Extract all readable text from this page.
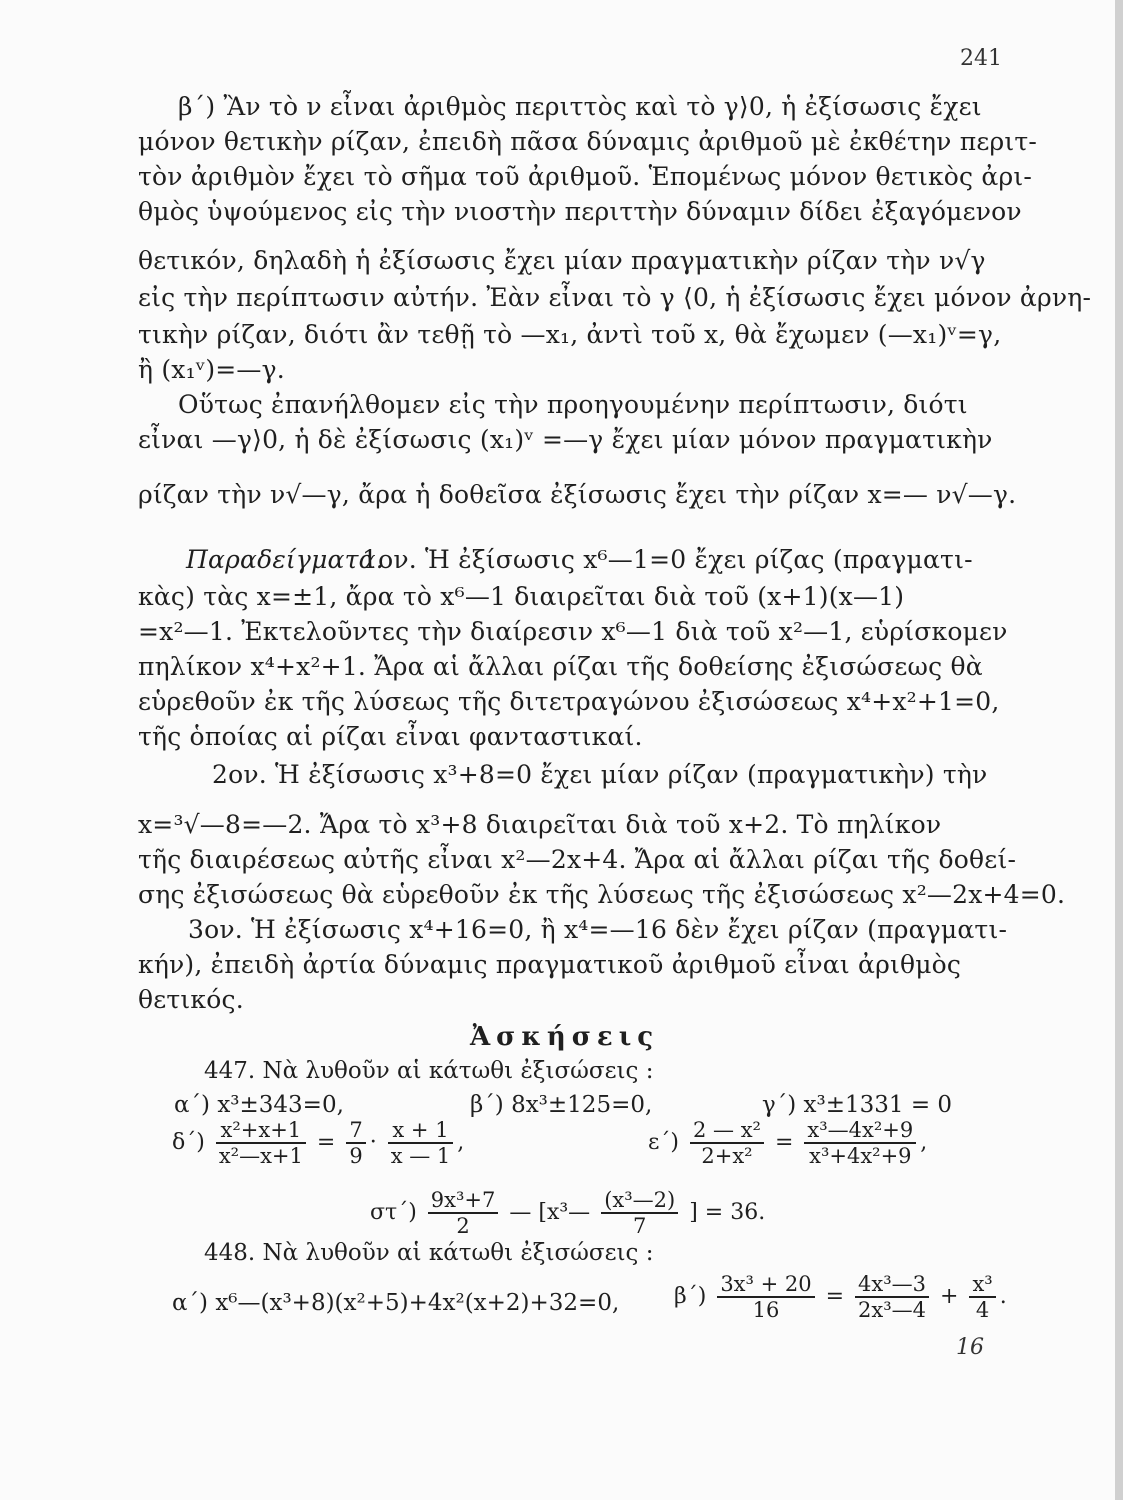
241
β΄) Ἂν τὸ ν εἶναι ἀριθμὸς περιττὸς καὶ τὸ γ⟩0, ἡ ἐξίσωσις ἔχει
μόνον θετικὴν ρίζαν, ἐπειδὴ πᾶσα δύναμις ἀριθμοῦ μὲ ἐκθέτην περιτ-
τὸν ἀριθμὸν ἔχει τὸ σῆμα τοῦ ἀριθμοῦ. Ἑπομένως μόνον θετικὸς ἀρι-
θμὸς ὑψούμενος εἰς τὴν νιοστὴν περιττὴν δύναμιν δίδει ἐξαγόμενον
θετικόν, δηλαδὴ ἡ ἐξίσωσις ἔχει μίαν πραγματικὴν ρίζαν τὴν ν√γ
εἰς τὴν περίπτωσιν αὐτήν. Ἐὰν εἶναι τὸ γ ⟨0, ἡ ἐξίσωσις ἔχει μόνον ἀρνη-
τικὴν ρίζαν, διότι ἂν τεθῇ τὸ —x₁, ἀντὶ τοῦ x, θὰ ἔχωμεν (—x₁)ᵛ=γ,
ἢ (x₁ᵛ)=—γ.
Οὕτως ἐπανήλθομεν εἰς τὴν προηγουμένην περίπτωσιν, διότι
εἶναι —γ⟩0, ἡ δὲ ἐξίσωσις (x₁)ᵛ =—γ ἔχει μίαν μόνον πραγματικὴν
ρίζαν τὴν ν√—γ, ἄρα ἡ δοθεῖσα ἐξίσωσις ἔχει τὴν ρίζαν x=— ν√—γ.
Παραδείγματα.
1ον. Ἡ ἐξίσωσις x⁶—1=0 ἔχει ρίζας (πραγματι-
κὰς) τὰς x=±1, ἄρα τὸ x⁶—1 διαιρεῖται διὰ τοῦ (x+1)(x—1)
=x²—1. Ἐκτελοῦντες τὴν διαίρεσιν x⁶—1 διὰ τοῦ x²—1, εὑρίσκομεν
πηλίκον x⁴+x²+1. Ἄρα αἱ ἄλλαι ρίζαι τῆς δοθείσης ἐξισώσεως θὰ
εὑρεθοῦν ἐκ τῆς λύσεως τῆς διτετραγώνου ἐξισώσεως x⁴+x²+1=0,
τῆς ὁποίας αἱ ρίζαι εἶναι φανταστικαί.
2ον. Ἡ ἐξίσωσις x³+8=0 ἔχει μίαν ρίζαν (πραγματικὴν) τὴν
x=³√—8=—2. Ἄρα τὸ x³+8 διαιρεῖται διὰ τοῦ x+2. Τὸ πηλίκον
τῆς διαιρέσεως αὐτῆς εἶναι x²—2x+4. Ἄρα αἱ ἄλλαι ρίζαι τῆς δοθεί-
σης ἐξισώσεως θὰ εὑρεθοῦν ἐκ τῆς λύσεως τῆς ἐξισώσεως x²—2x+4=0.
3ον. Ἡ ἐξίσωσις x⁴+16=0, ἢ x⁴=—16 δὲν ἔχει ρίζαν (πραγματι-
κήν), ἐπειδὴ ἀρτία δύναμις πραγματικοῦ ἀριθμοῦ εἶναι ἀριθμὸς
θετικός.
Ἀσκήσεις
447. Νὰ λυθοῦν αἱ κάτωθι ἐξισώσεις :
α΄) x³±343=0,	β΄) 8x³±125=0,	γ΄) x³±1331 = 0
$\delta΄) \frac{\text{x²+x+1}}{\text{x²—x+1}} = \frac{7}{9} \cdot \frac{x + 1}{x — 1}$ ,	$\varepsilon΄) \frac{\text{2 — x²}}{\text{2+x²}} = \frac{\text{x³—4x²+9}}{\text{x³+4x²+9}}$ ,
$\sigma\tau΄) \frac{\text{9x³+7}}{2}$ — [x³— $\frac{\text{(x³—2)}}{7}$ ] = 36.
448. Νὰ λυθοῦν αἱ κάτωθι ἐξισώσεις :
α΄) x⁶—(x³+8)(x²+5)+4x²(x+2)+32=0, $\beta΄) \frac{\text{3x³ + 20}}{16} = \frac{\text{4x³—3}}{\text{2x³—4}} + \frac{\text{x³}}{4}$ .
16
